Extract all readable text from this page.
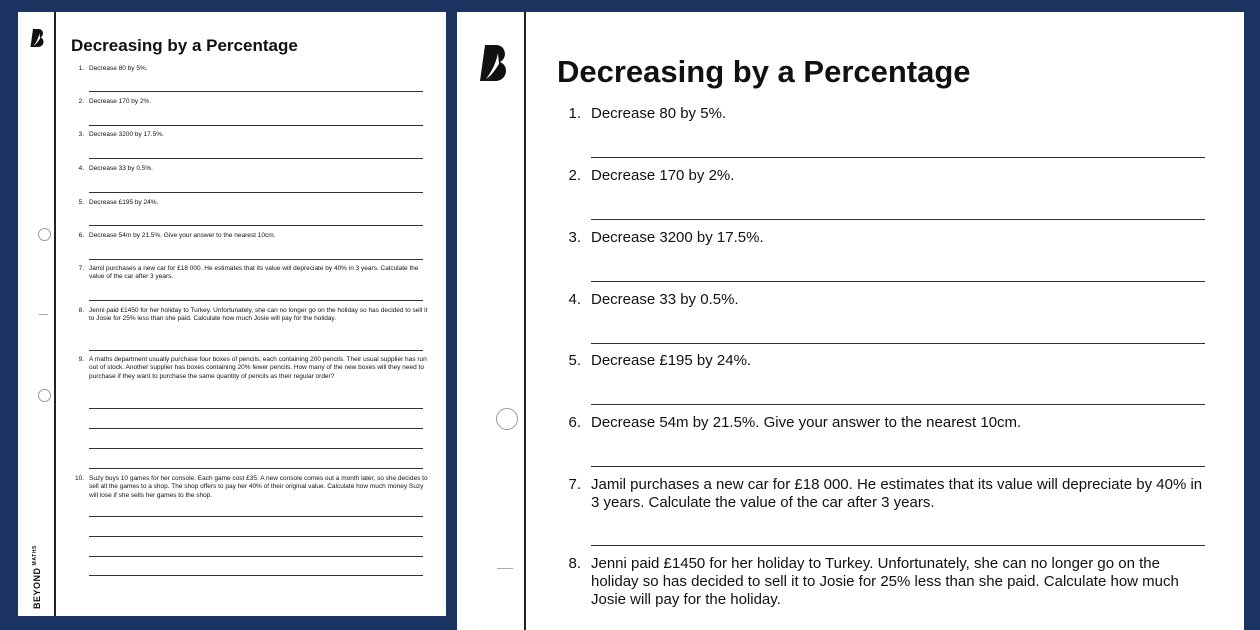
$BEYOND^{MATHS}$
Decreasing by a Percentage
1. Decrease 80 by 5%.
2. Decrease 170 by 2%.
3. Decrease 3200 by 17.5%.
4. Decrease 33 by 0.5%.
5. Decrease £195 by 24%.
6. Decrease 54m by 21.5%. Give your answer to the nearest 10cm.
7. Jamil purchases a new car for £18 000. He estimates that its value will depreciate by 40% in 3 years. Calculate the value of the car after 3 years.
8. Jenni paid £1450 for her holiday to Turkey. Unfortunately, she can no longer go on the holiday so has decided to sell it to Josie for 25% less than she paid. Calculate how much Josie will pay for the holiday.
9. A maths department usually purchase four boxes of pencils, each containing 200 pencils. Their usual supplier has run out of stock. Another supplier has boxes containing 20% fewer pencils. How many of the new boxes will they need to purchase if they want to purchase the same quantity of pencils as their regular order?
10. Suzy buys 10 games for her console. Each game cost £35. A new console comes out a month later, so she decides to sell all the games to a shop. The shop offers to pay her 40% of their original value. Calculate how much money Suzy will lose if she sells her games to the shop.
Decreasing by a Percentage
1. Decrease 80 by 5%.
2. Decrease 170 by 2%.
3. Decrease 3200 by 17.5%.
4. Decrease 33 by 0.5%.
5. Decrease £195 by 24%.
6. Decrease 54m by 21.5%. Give your answer to the nearest 10cm.
7. Jamil purchases a new car for £18 000. He estimates that its value will depreciate by 40% in 3 years. Calculate the value of the car after 3 years.
8. Jenni paid £1450 for her holiday to Turkey. Unfortunately, she can no longer go on the holiday so has decided to sell it to Josie for 25% less than she paid. Calculate how much Josie will pay for the holiday.
